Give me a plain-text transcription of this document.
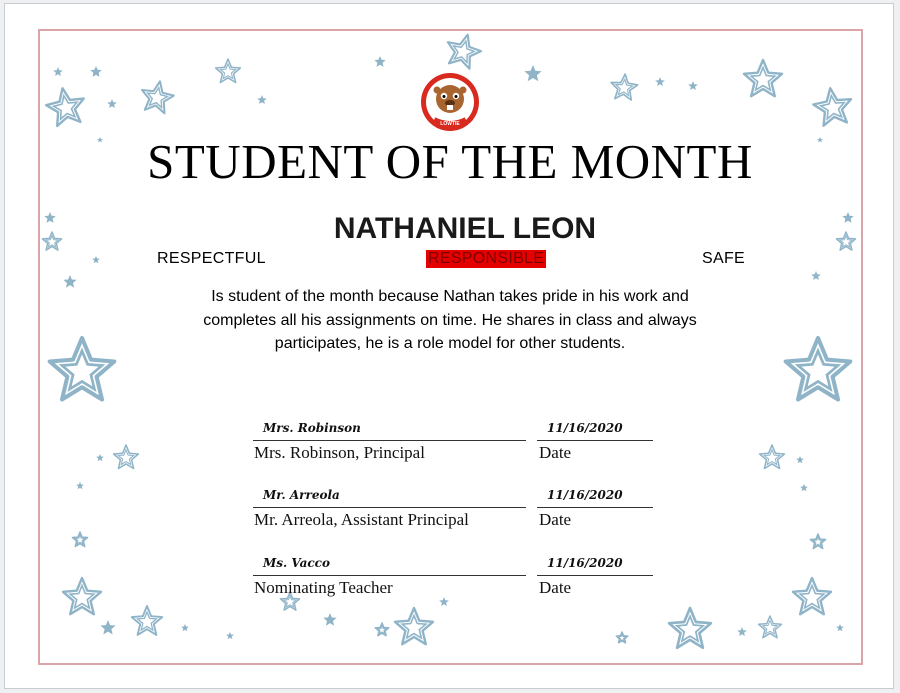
LOWTIE
STUDENT OF THE MONTH
NATHANIEL LEON
RESPECTFUL	RESPONSIBLE	SAFE
Is student of the month because Nathan takes pride in his work and
completes all his assignments on time. He shares in class and always
participates, he is a role model for other students.
Mrs. Robinson
Mrs. Robinson, Principal
11/16/2020
Date
Mr. Arreola
Mr. Arreola, Assistant Principal
11/16/2020
Date
Ms. Vacco
Nominating Teacher
11/16/2020
Date
